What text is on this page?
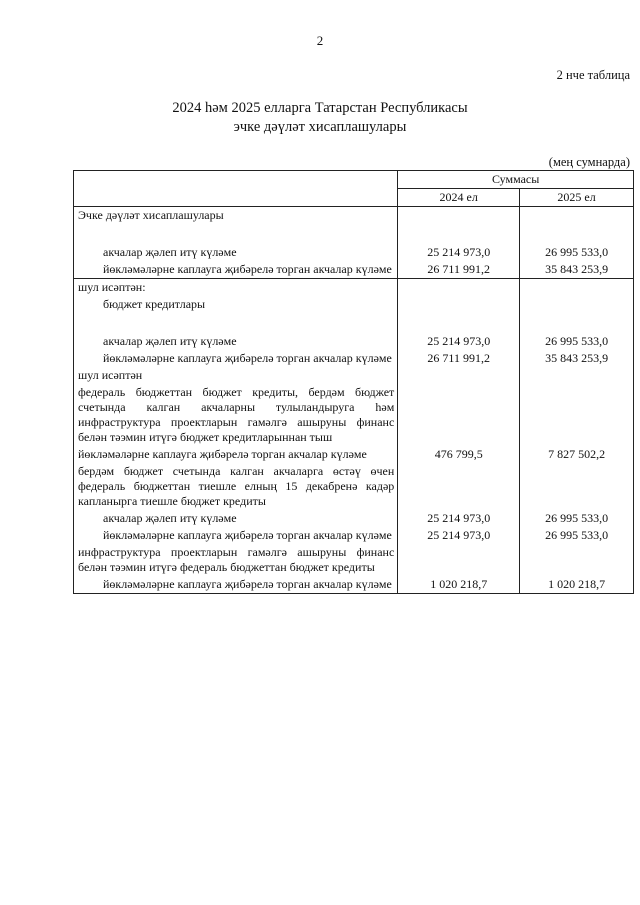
2
2 нче таблица
2024 һәм 2025 елларга Татарстан Республикасы
эчке дәүләт хисаплашулары
(мең сумнарда)
	Суммасы	
	2024 ел	2025 ел
Эчке дәүләт хисаплашулары		

акчалар җәлеп итү күләме	25 214 973,0	26 995 533,0
йөкләмәләрне каплауга җибәрелә торган акчалар күләме	26 711 991,2	35 843 253,9
шул исәптән:		
бюджет кредитлары		

акчалар җәлеп итү күләме	25 214 973,0	26 995 533,0
йөкләмәләрне каплауга җибәрелә торган акчалар күләме	26 711 991,2	35 843 253,9
шул исәптән		
федераль бюджеттан бюджет кредиты, бердәм бюджет счетында калган акчаларны тулыландыруга һәм инфраструктура проектларын гамәлгә ашыруны финанс белән тәэмин итүгә бюджет кредитларыннан тыш		
йөкләмәләрне каплауга җибәрелә торган акчалар күләме	476 799,5	7 827 502,2
бердәм бюджет счетында калган акчаларга өстәү өчен федераль бюджеттан тиешле елның 15 декабренә кадәр капланырга тиешле бюджет кредиты		
акчалар җәлеп итү күләме	25 214 973,0	26 995 533,0
йөкләмәләрне каплауга җибәрелә торган акчалар күләме	25 214 973,0	26 995 533,0
инфраструктура проектларын гамәлгә ашыруны финанс белән тәэмин итүгә федераль бюджеттан бюджет кредиты		
йөкләмәләрне каплауга җибәрелә торган акчалар күләме	1 020 218,7	1 020 218,7
